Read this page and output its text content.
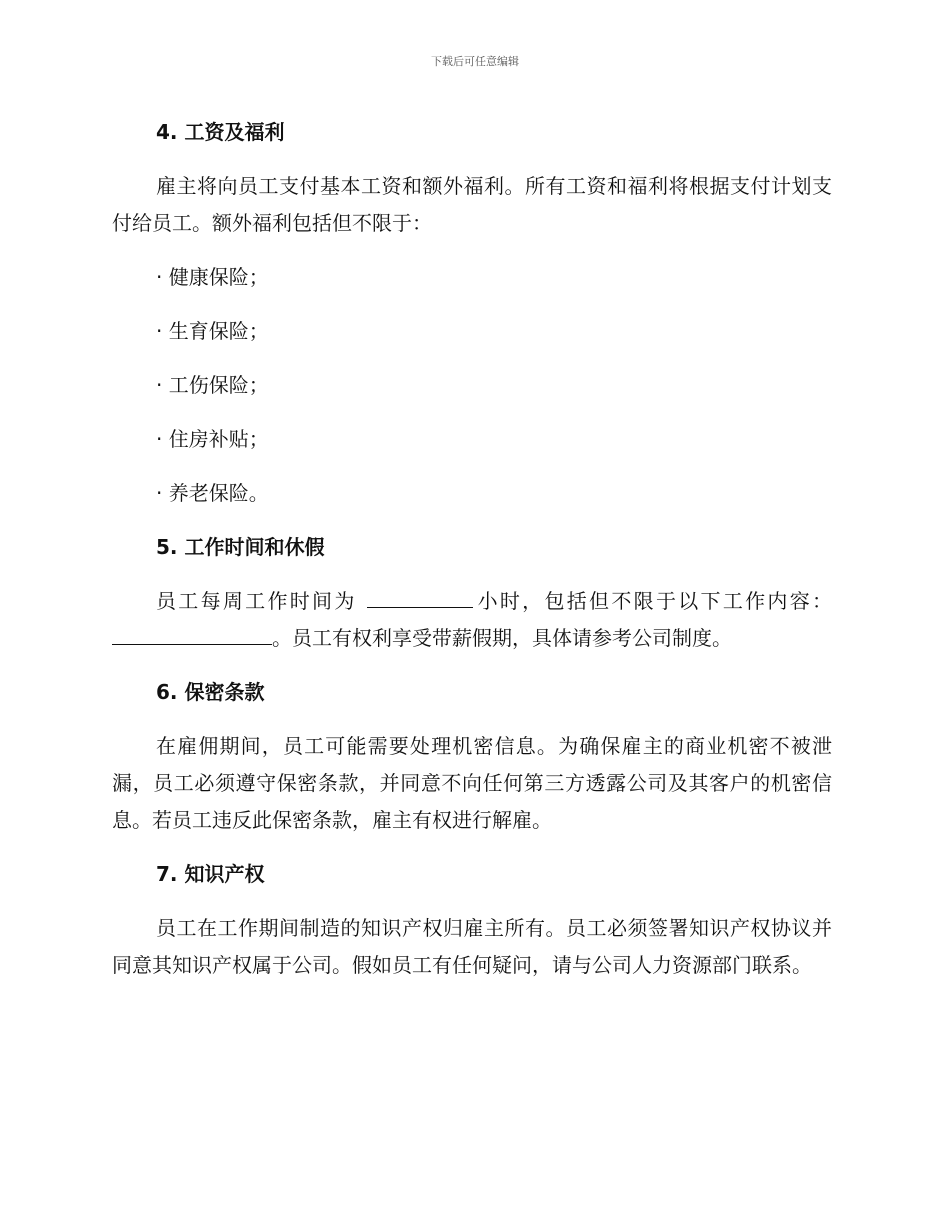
下载后可任意编辑
4. 工资及福利
雇主将向员工支付基本工资和额外福利。所有工资和福利将根据支付计划支付给员工。额外福利包括但不限于：
· 健康保险；
· 生育保险；
· 工伤保险；
· 住房补贴；
· 养老保险。
5. 工作时间和休假
员工每周工作时间为	小时，包括但不限于以下工作内容：。员工有权利享受带薪假期，具体请参考公司制度。
6. 保密条款
在雇佣期间，员工可能需要处理机密信息。为确保雇主的商业机密不被泄漏，员工必须遵守保密条款，并同意不向任何第三方透露公司及其客户的机密信息。若员工违反此保密条款，雇主有权进行解雇。
7. 知识产权
员工在工作期间制造的知识产权归雇主所有。员工必须签署知识产权协议并同意其知识产权属于公司。假如员工有任何疑问，请与公司人力资源部门联系。
